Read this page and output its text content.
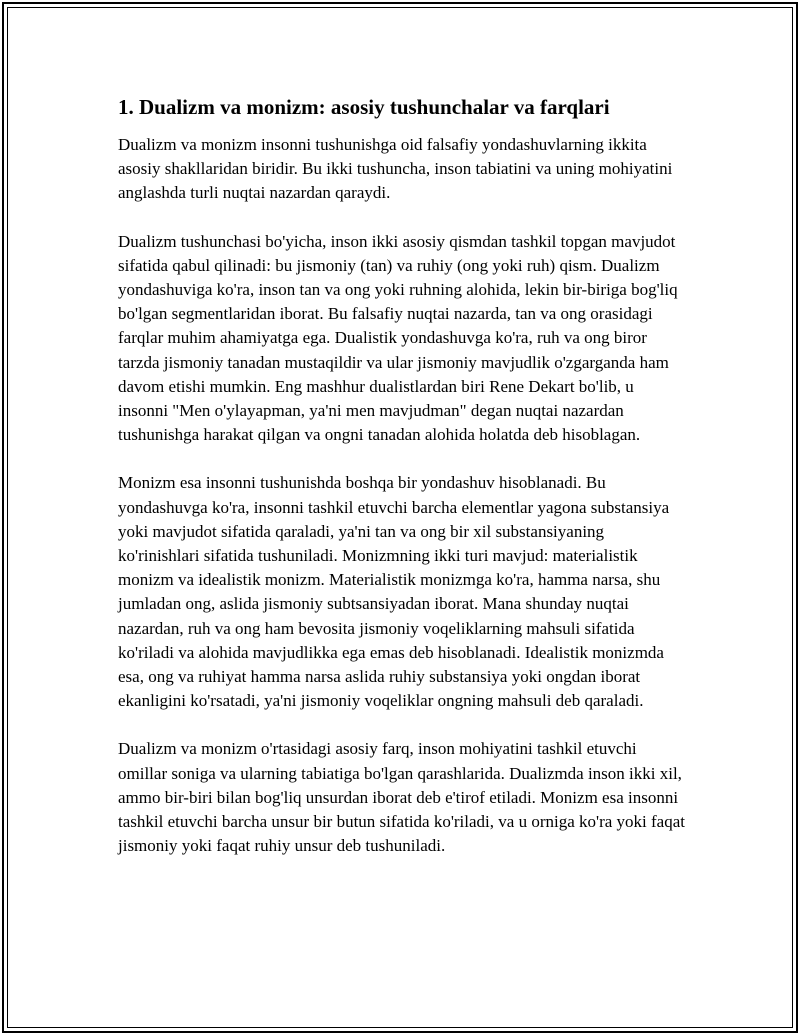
1. Dualizm va monizm: asosiy tushunchalar va farqlari

Dualizm va monizm insonni tushunishga oid falsafiy yondashuvlarning ikkita asosiy shakllaridan biridir. Bu ikki tushuncha, inson tabiatini va uning mohiyatini anglashda turli nuqtai nazardan qaraydi.

Dualizm tushunchasi bo'yicha, inson ikki asosiy qismdan tashkil topgan mavjudot sifatida qabul qilinadi: bu jismoniy (tan) va ruhiy (ong yoki ruh) qism. Dualizm yondashuviga ko'ra, inson tan va ong yoki ruhning alohida, lekin bir-biriga bog'liq bo'lgan segmentlaridan iborat. Bu falsafiy nuqtai nazarda, tan va ong orasidagi farqlar muhim ahamiyatga ega. Dualistik yondashuvga ko'ra, ruh va ong biror tarzda jismoniy tanadan mustaqildir va ular jismoniy mavjudlik o'zgarganda ham davom etishi mumkin. Eng mashhur dualistlardan biri Rene Dekart bo'lib, u insonni "Men o'ylayapman, ya'ni men mavjudman" degan nuqtai nazardan tushunishga harakat qilgan va ongni tanadan alohida holatda deb hisoblagan.

Monizm esa insonni tushunishda boshqa bir yondashuv hisoblanadi. Bu yondashuvga ko'ra, insonni tashkil etuvchi barcha elementlar yagona substansiya yoki mavjudot sifatida qaraladi, ya'ni tan va ong bir xil substansiyaning ko'rinishlari sifatida tushuniladi. Monizmning ikki turi mavjud: materialistik monizm va idealistik monizm. Materialistik monizmga ko'ra, hamma narsa, shu jumladan ong, aslida jismoniy subtsansiyadan iborat. Mana shunday nuqtai nazardan, ruh va ong ham bevosita jismoniy voqeliklarning mahsuli sifatida ko'riladi va alohida mavjudlikka ega emas deb hisoblanadi. Idealistik monizmda esa, ong va ruhiyat hamma narsa aslida ruhiy substansiya yoki ongdan iborat ekanligini ko'rsatadi, ya'ni jismoniy voqeliklar ongning mahsuli deb qaraladi.

Dualizm va monizm o'rtasidagi asosiy farq, inson mohiyatini tashkil etuvchi omillar soniga va ularning tabiatiga bo'lgan qarashlarida. Dualizmda inson ikki xil, ammo bir-biri bilan bog'liq unsurdan iborat deb e'tirof etiladi. Monizm esa insonni tashkil etuvchi barcha unsur bir butun sifatida ko'riladi, va u orniga ko'ra yoki faqat jismoniy yoki faqat ruhiy unsur deb tushuniladi.
